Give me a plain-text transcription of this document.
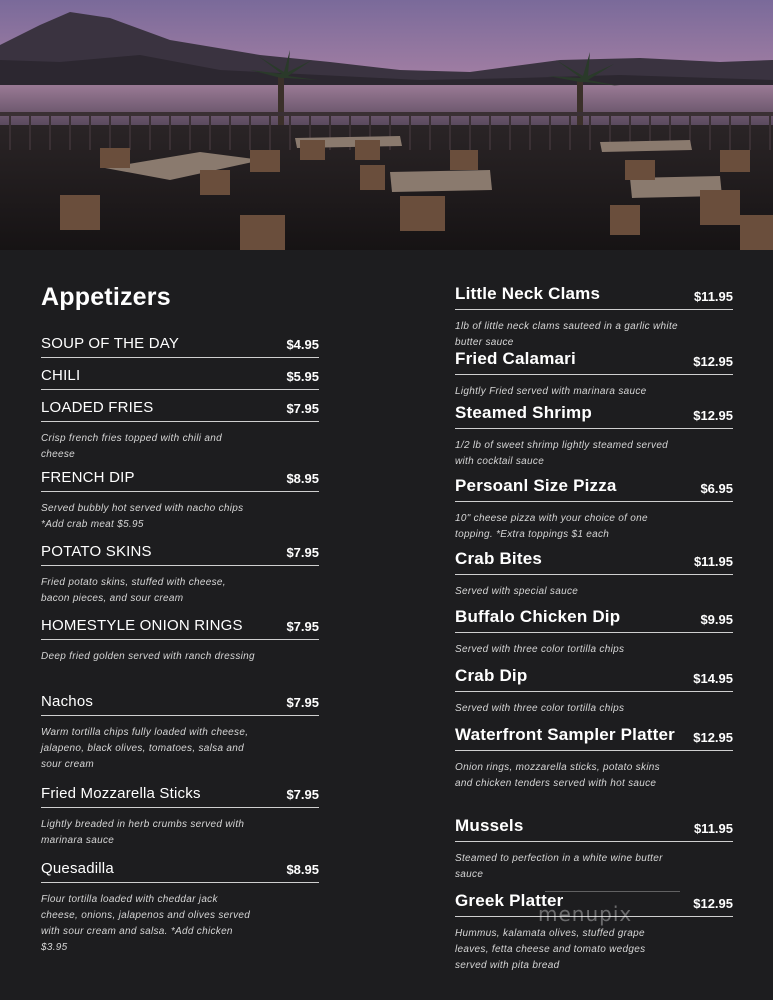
Appetizers
SOUP OF THE DAY	$4.95
CHILI	$5.95
LOADED FRIES	$7.95
Crisp french fries topped with chili and cheese
FRENCH DIP	$8.95
Served bubbly hot served with nacho chips *Add crab meat $5.95
POTATO SKINS	$7.95
Fried potato skins, stuffed with cheese, bacon pieces, and sour cream
HOMESTYLE ONION RINGS	$7.95
Deep fried golden served with ranch dressing
Nachos	$7.95
Warm tortilla chips fully loaded with cheese, jalapeno, black olives, tomatoes, salsa and sour cream
Fried Mozzarella Sticks	$7.95
Lightly breaded in herb crumbs served with marinara sauce
Quesadilla	$8.95
Flour tortilla loaded with cheddar jack cheese, onions, jalapenos and olives served with sour cream and salsa. *Add chicken $3.95
Little Neck Clams	$11.95
1lb of little neck clams sauteed in a garlic white butter sauce
Fried Calamari	$12.95
Lightly Fried served with marinara sauce
Steamed Shrimp	$12.95
1/2 lb of sweet shrimp lightly steamed served with cocktail sauce
Persoanl Size Pizza	$6.95
10" cheese pizza with your choice of one topping. *Extra toppings $1 each
Crab Bites	$11.95
Served with special sauce
Buffalo Chicken Dip	$9.95
Served with three color tortilla chips
Crab Dip	$14.95
Served with three color tortilla chips
Waterfront Sampler Platter $12.95
Onion rings, mozzarella sticks, potato skins and chicken tenders served with hot sauce
Mussels	$11.95
Steamed to perfection in a white wine butter sauce
Greek Platter	$12.95
Hummus, kalamata olives, stuffed grape leaves, fetta cheese and tomato wedges served with pita bread
menupix
